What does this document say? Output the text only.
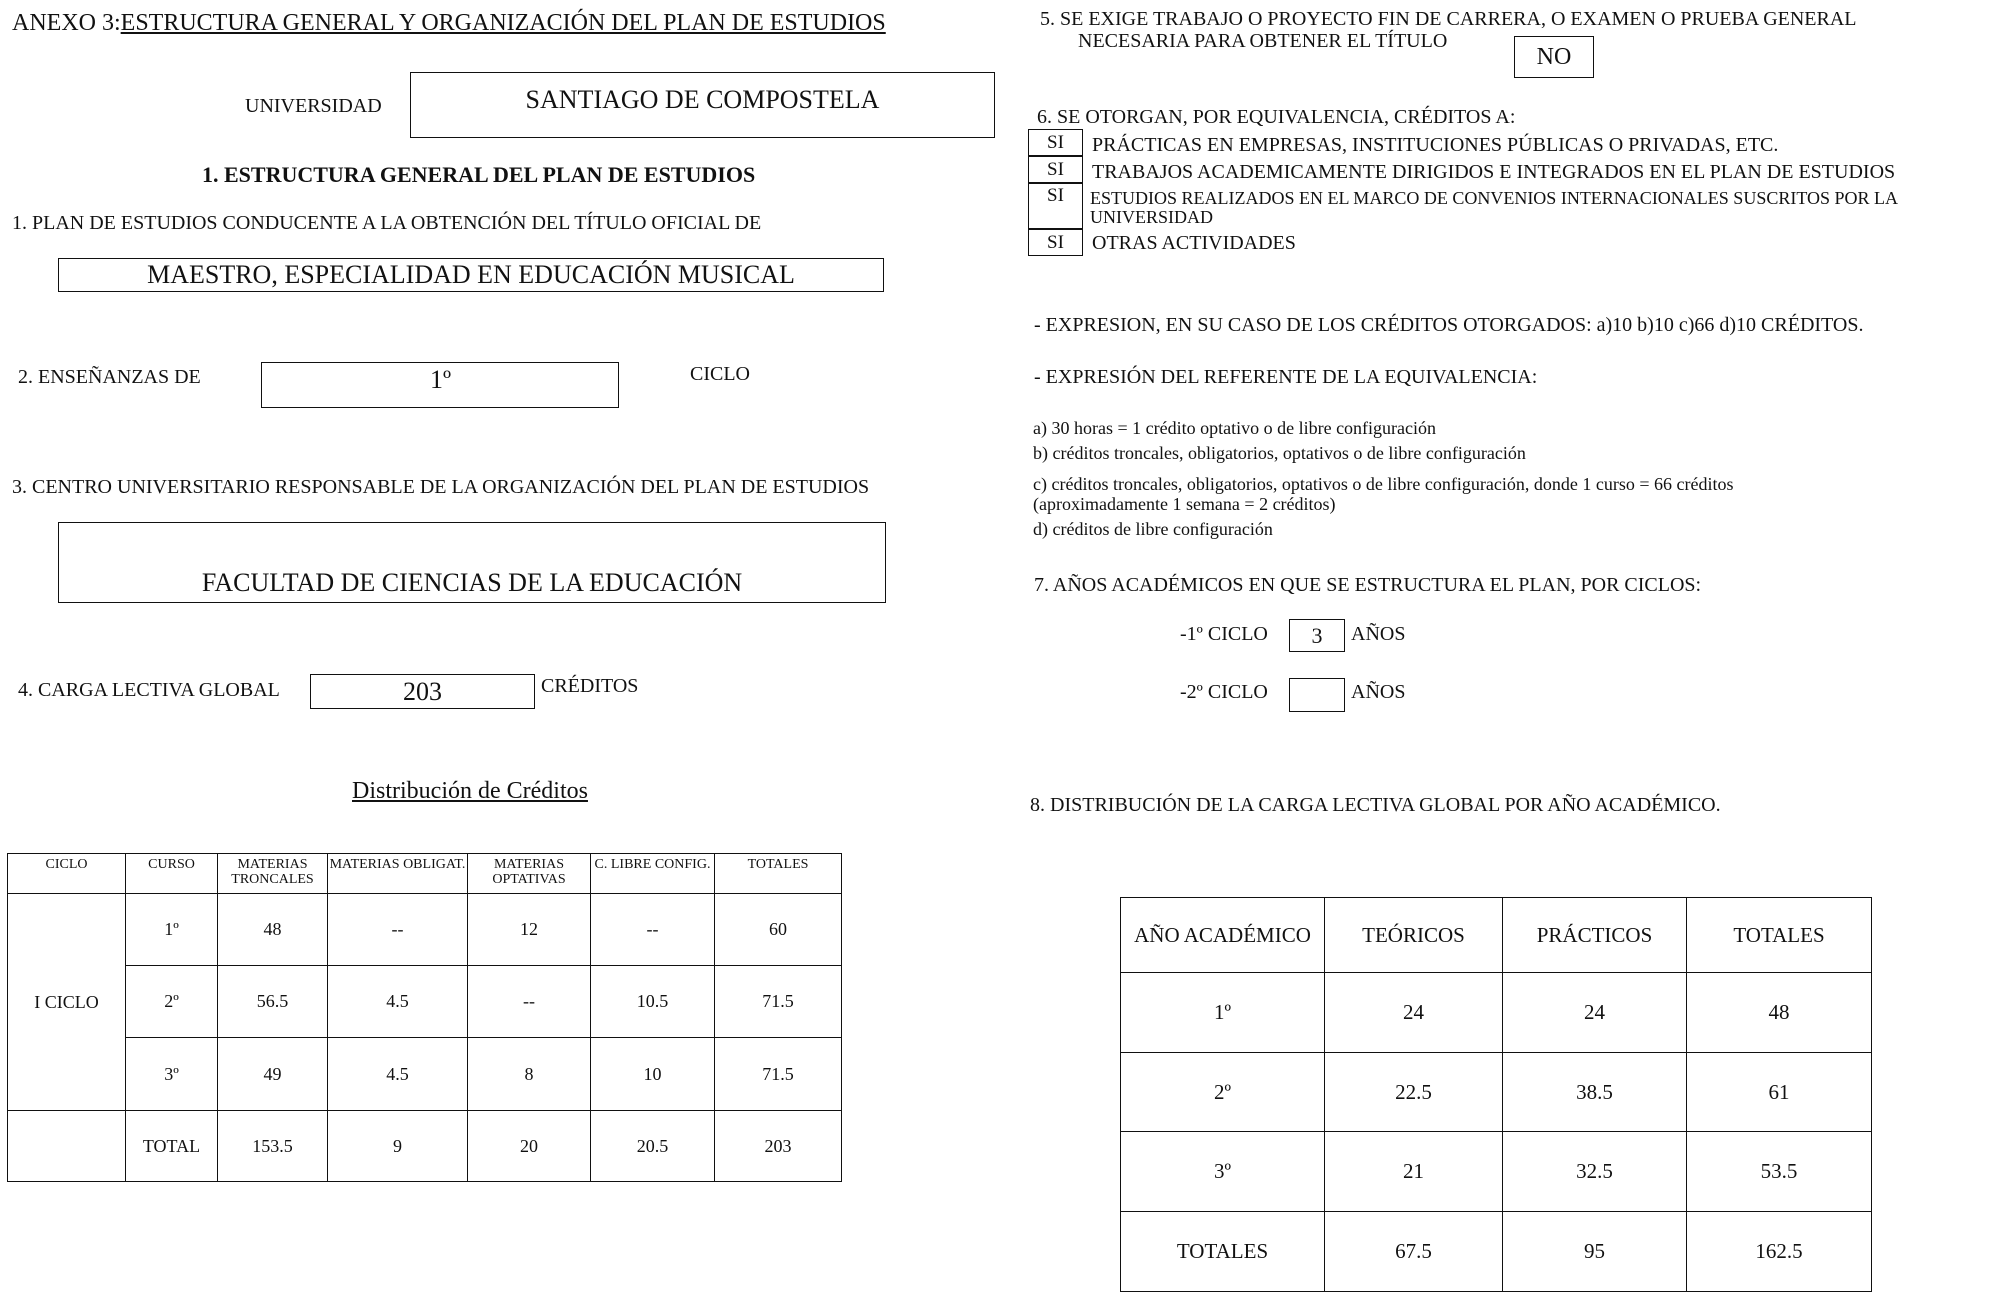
ANEXO 3:ESTRUCTURA GENERAL Y ORGANIZACIÓN DEL PLAN DE ESTUDIOS
UNIVERSIDAD	SANTIAGO DE COMPOSTELA
1. ESTRUCTURA GENERAL DEL PLAN DE ESTUDIOS
1. PLAN DE ESTUDIOS CONDUCENTE A LA OBTENCIÓN DEL TÍTULO OFICIAL DE
MAESTRO, ESPECIALIDAD EN EDUCACIÓN MUSICAL
2. ENSEÑANZAS DE	1º	CICLO
3. CENTRO UNIVERSITARIO RESPONSABLE DE LA ORGANIZACIÓN DEL PLAN DE ESTUDIOS
FACULTAD DE CIENCIAS DE LA EDUCACIÓN
4. CARGA LECTIVA GLOBAL	203	CRÉDITOS
Distribución de Créditos
CICLO	CURSO	MATERIAS TRONCALES	MATERIAS OBLIGAT.	MATERIAS OPTATIVAS	C. LIBRE CONFIG.	TOTALES
I CICLO	1º	48	--	12	--	60
	2º	56.5	4.5	--	10.5	71.5
	3º	49	4.5	8	10	71.5
	TOTAL	153.5	9	20	20.5	203
5. SE EXIGE TRABAJO O PROYECTO FIN DE CARRERA, O EXAMEN O PRUEBA GENERAL
NECESARIA PARA OBTENER EL TÍTULO
NO
6. SE OTORGAN, POR EQUIVALENCIA, CRÉDITOS A:
SI	PRÁCTICAS EN EMPRESAS, INSTITUCIONES PÚBLICAS O PRIVADAS, ETC.
SI	TRABAJOS ACADEMICAMENTE DIRIGIDOS E INTEGRADOS EN EL PLAN DE ESTUDIOS
SI	ESTUDIOS REALIZADOS EN EL MARCO DE CONVENIOS INTERNACIONALES SUSCRITOS POR LA
UNIVERSIDAD
SI	OTRAS ACTIVIDADES
- EXPRESION, EN SU CASO DE LOS CRÉDITOS OTORGADOS: a)10 b)10 c)66 d)10 CRÉDITOS.
- EXPRESIÓN DEL REFERENTE DE LA EQUIVALENCIA:
a) 30 horas = 1 crédito optativo o de libre configuración
b) créditos troncales, obligatorios, optativos o de libre configuración
c) créditos troncales, obligatorios, optativos o de libre configuración, donde 1 curso = 66 créditos
(aproximadamente 1 semana = 2 créditos)
d) créditos de libre configuración
7. AÑOS ACADÉMICOS EN QUE SE ESTRUCTURA EL PLAN, POR CICLOS:
-1º CICLO 3 AÑOS
-2º CICLO	AÑOS
8. DISTRIBUCIÓN DE LA CARGA LECTIVA GLOBAL POR AÑO ACADÉMICO.
AÑO ACADÉMICO	TEÓRICOS	PRÁCTICOS	TOTALES
1º	24	24	48
2º	22.5	38.5	61
3º	21	32.5	53.5
TOTALES	67.5	95	162.5
